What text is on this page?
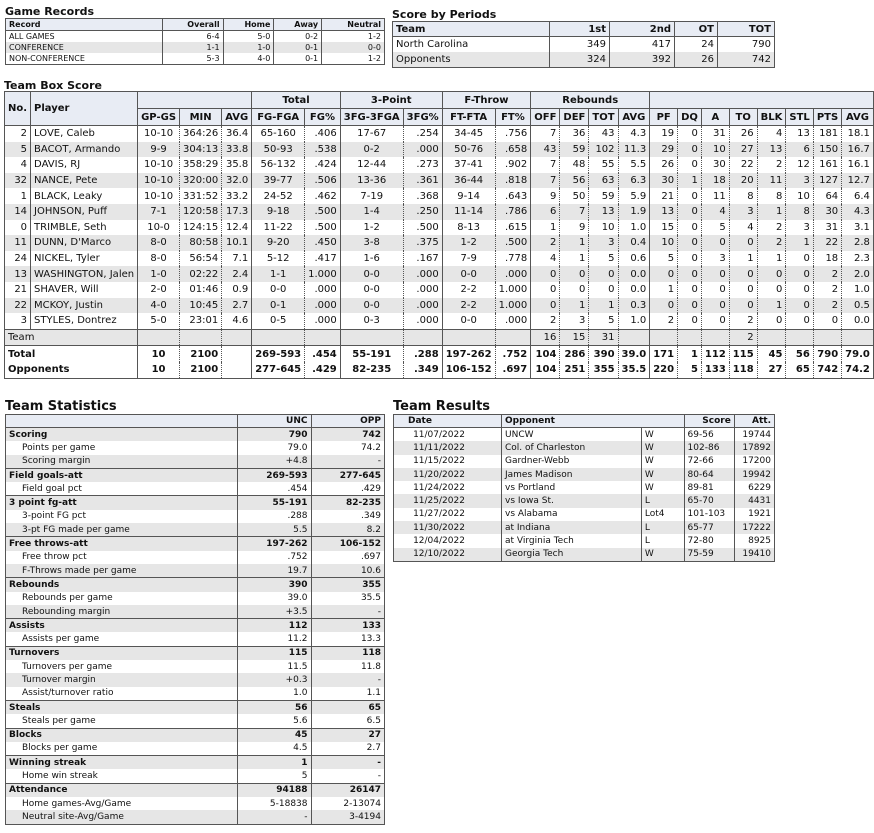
Game Records
Record	Overall	Home	Away	Neutral
ALL GAMES	6-4	5-0	0-2	1-2
CONFERENCE	1-1	1-0	0-1	0-0
NON-CONFERENCE	5-3	4-0	0-1	1-2
Score by Periods
Team	1st	2nd	OT	TOT
North Carolina	349	417	24	790
Opponents	324	392	26	742
Team Box Score
No.	Player				Total		3-Point		F-Throw		Rebounds											
		GP-GS	MIN	AVG	FG-FGA	FG%	3FG-3FGA	3FG%	FT-FTA	FT%	OFF	DEF	TOT	AVG	PF	DQ	A	TO	BLK	STL	PTS	AVG
2	LOVE, Caleb	10-10	364:26	36.4	65-160	.406	17-67	.254	34-45	.756	7	36	43	4.3	19	0	31	26	4	13	181	18.1
5	BACOT, Armando	9-9	304:13	33.8	50-93	.538	0-2	.000	50-76	.658	43	59	102	11.3	29	0	10	27	13	6	150	16.7
4	DAVIS, RJ	10-10	358:29	35.8	56-132	.424	12-44	.273	37-41	.902	7	48	55	5.5	26	0	30	22	2	12	161	16.1
32	NANCE, Pete	10-10	320:00	32.0	39-77	.506	13-36	.361	36-44	.818	7	56	63	6.3	30	1	18	20	11	3	127	12.7
1	BLACK, Leaky	10-10	331:52	33.2	24-52	.462	7-19	.368	9-14	.643	9	50	59	5.9	21	0	11	8	8	10	64	6.4
14	JOHNSON, Puff	7-1	120:58	17.3	9-18	.500	1-4	.250	11-14	.786	6	7	13	1.9	13	0	4	3	1	8	30	4.3
0	TRIMBLE, Seth	10-0	124:15	12.4	11-22	.500	1-2	.500	8-13	.615	1	9	10	1.0	15	0	5	4	2	3	31	3.1
11	DUNN, D'Marco	8-0	80:58	10.1	9-20	.450	3-8	.375	1-2	.500	2	1	3	0.4	10	0	0	0	2	1	22	2.8
24	NICKEL, Tyler	8-0	56:54	7.1	5-12	.417	1-6	.167	7-9	.778	4	1	5	0.6	5	0	3	1	1	0	18	2.3
13	WASHINGTON, Jalen	1-0	02:22	2.4	1-1	1.000	0-0	.000	0-0	.000	0	0	0	0.0	0	0	0	0	0	0	2	2.0
21	SHAVER, Will	2-0	01:46	0.9	0-0	.000	0-0	.000	2-2	1.000	0	0	0	0.0	1	0	0	0	0	0	2	1.0
22	MCKOY, Justin	4-0	10:45	2.7	0-1	.000	0-0	.000	2-2	1.000	0	1	1	0.3	0	0	0	0	1	0	2	0.5
3	STYLES, Dontrez	5-0	23:01	4.6	0-5	.000	0-3	.000	0-0	.000	2	3	5	1.0	2	0	0	2	0	0	0	0.0
Team											16	15	31					2				
Total		10	2100		269-593	.454	55-191	.288	197-262	.752	104	286	390	39.0	171	1	112	115	45	56	790	79.0
Opponents		10	2100		277-645	.429	82-235	.349	106-152	.697	104	251	355	35.5	220	5	133	118	27	65	742	74.2
Team Statistics
	UNC	OPP
Scoring	790	742
Points per game	79.0	74.2
Scoring margin	+4.8	-
Field goals-att	269-593	277-645
Field goal pct	.454	.429
3 point fg-att	55-191	82-235
3-point FG pct	.288	.349
3-pt FG made per game	5.5	8.2
Free throws-att	197-262	106-152
Free throw pct	.752	.697
F-Throws made per game	19.7	10.6
Rebounds	390	355
Rebounds per game	39.0	35.5
Rebounding margin	+3.5	-
Assists	112	133
Assists per game	11.2	13.3
Turnovers	115	118
Turnovers per game	11.5	11.8
Turnover margin	+0.3	-
Assist/turnover ratio	1.0	1.1
Steals	56	65
Steals per game	5.6	6.5
Blocks	45	27
Blocks per game	4.5	2.7
Winning streak	1	-
Home win streak	5	-
Attendance	94188	26147
Home games-Avg/Game	5-18838	2-13074
Neutral site-Avg/Game	-	3-4194
Team Results
Date	Opponent		Score	Att.
11/07/2022	UNCW	W	69-56	19744
11/11/2022	Col. of Charleston	W	102-86	17892
11/15/2022	Gardner-Webb	W	72-66	17200
11/20/2022	James Madison	W	80-64	19942
11/24/2022	vs Portland	W	89-81	6229
11/25/2022	vs Iowa St.	L	65-70	4431
11/27/2022	vs Alabama	Lot4	101-103	1921
11/30/2022	at Indiana	L	65-77	17222
12/04/2022	at Virginia Tech	L	72-80	8925
12/10/2022	Georgia Tech	W	75-59	19410
